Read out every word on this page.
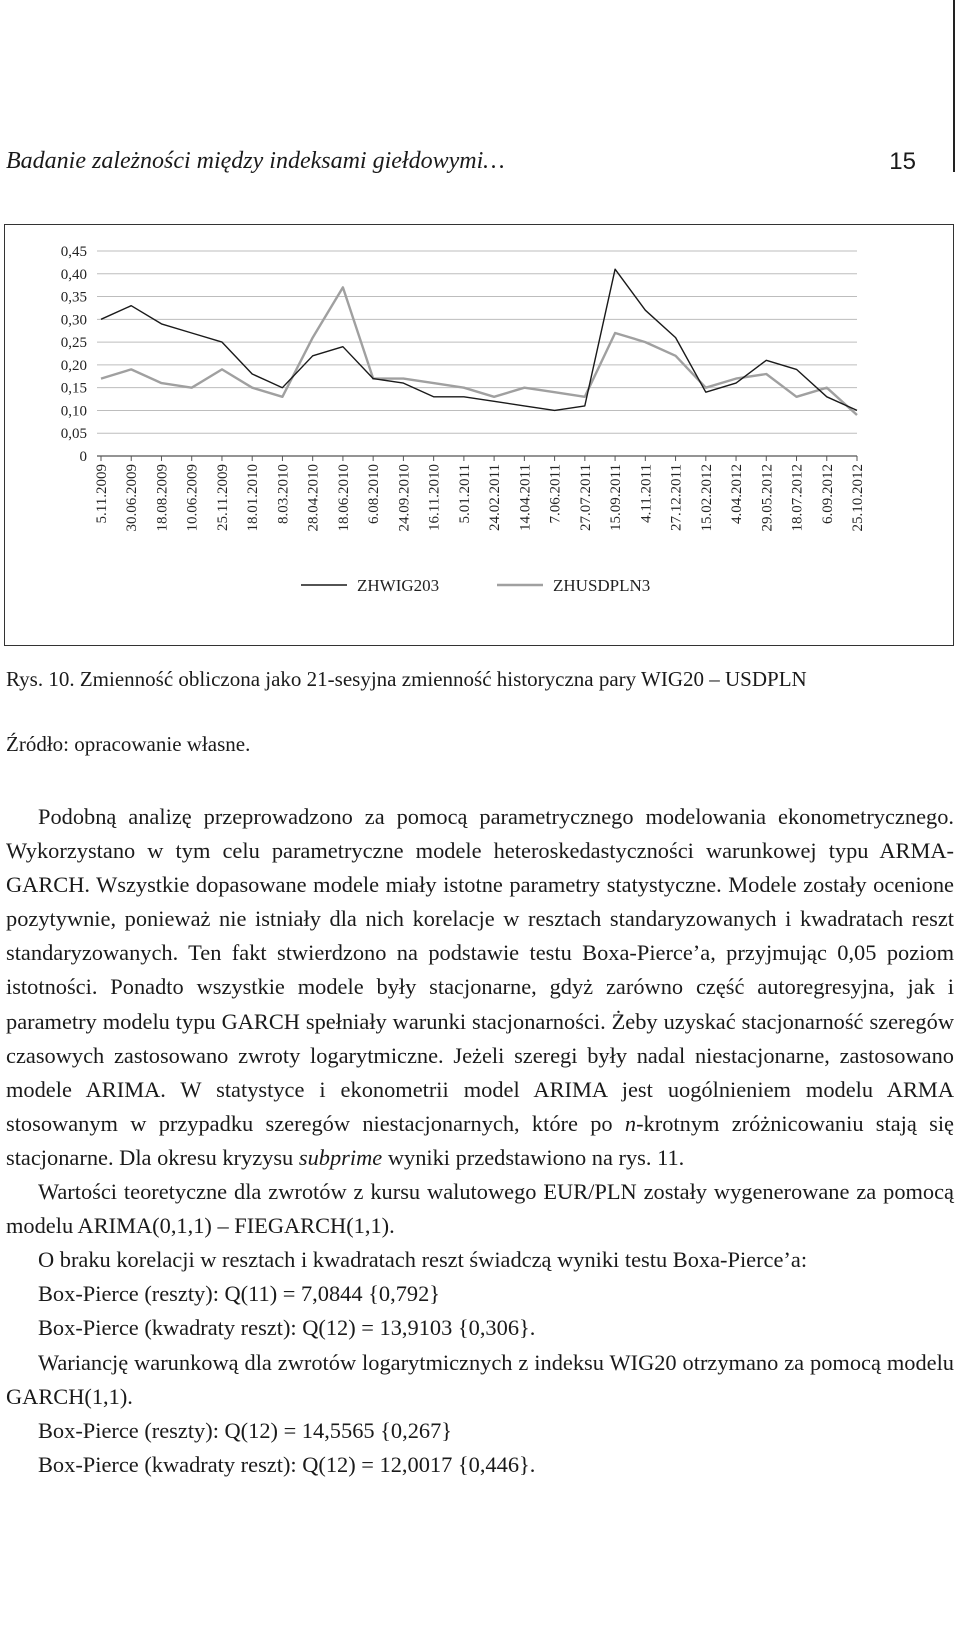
Badanie zależności między indeksami giełdowymi…	15
0
0,05
0,10
0,15
0,20
0,25
0,30
0,35
0,40
0,45
5.11.2009 30.06.2009 18.08.2009 10.06.2009 25.11.2009 18.01.2010 8.03.2010 28.04.2010 18.06.2010 6.08.2010 24.09.2010 16.11.2010 5.01.2011 24.02.2011 14.04.2011 7.06.2011 27.07.2011 15.09.2011 4.11.2011 27.12.2011 15.02.2012 4.04.2012 29.05.2012 18.07.2012 6.09.2012 25.10.2012
ZHWIG203	ZHUSDPLN3
Rys. 10. Zmienność obliczona jako 21-sesyjna zmienność historyczna pary WIG20 – USDPLN
Źródło: opracowanie własne.

Podobną analizę przeprowadzono za pomocą parametrycznego modelowania ekonometrycznego. Wykorzystano w tym celu parametryczne modele heteroskedastyczności warunkowej typu ARMA-GARCH. Wszystkie dopasowane modele miały istotne parametry statystyczne. Modele zostały ocenione pozytywnie, ponieważ nie istniały dla nich korelacje w resztach standaryzowanych i kwadratach reszt standaryzowanych. Ten fakt stwierdzono na podstawie testu Boxa-Pierce’a, przyjmując 0,05 poziom istotności. Ponadto wszystkie modele były stacjonarne, gdyż zarówno część autoregresyjna, jak i parametry modelu typu GARCH spełniały warunki stacjonarności. Żeby uzyskać stacjonarność szeregów czasowych zastosowano zwroty logarytmiczne. Jeżeli szeregi były nadal niestacjonarne, zastosowano modele ARIMA. W statystyce i ekonometrii model ARIMA jest uogólnieniem modelu ARMA stosowanym w przypadku szeregów niestacjonarnych, które po n-krotnym zróżnicowaniu stają się stacjonarne. Dla okresu kryzysu subprime wyniki przedstawiono na rys. 11.

Wartości teoretyczne dla zwrotów z kursu walutowego EUR/PLN zostały wygenerowane za pomocą modelu ARIMA(0,1,1) – FIEGARCH(1,1).

O braku korelacji w resztach i kwadratach reszt świadczą wyniki testu Boxa-Pierce’a:

Box-Pierce (reszty): Q(11) = 7,0844 {0,792}

Box-Pierce (kwadraty reszt): Q(12) = 13,9103 {0,306}.

Wariancję warunkową dla zwrotów logarytmicznych z indeksu WIG20 otrzymano za pomocą modelu GARCH(1,1).

Box-Pierce (reszty): Q(12) = 14,5565 {0,267}

Box-Pierce (kwadraty reszt): Q(12) = 12,0017 {0,446}.
